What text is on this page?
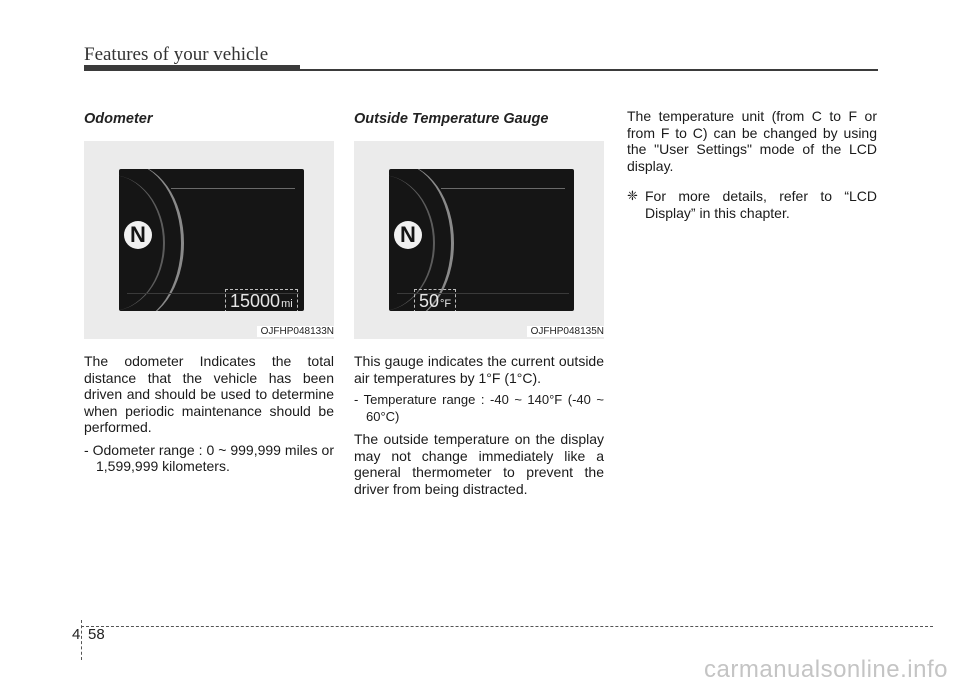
Features of your vehicle
Odometer
N
15000mi
OJFHP048133N

The odometer Indicates the total distance that the vehicle has been driven and should be used to determine when periodic maintenance should be performed.

- Odometer range : 0 ~ 999,999 miles or 1,599,999 kilometers.

Outside Temperature Gauge
N
50°F
OJFHP048135N

This gauge indicates the current outside air temperatures by 1°F (1°C).

- Temperature range : -40 ~ 140°F (-40 ~ 60°C)

The outside temperature on the display may not change immediately like a general thermometer to prevent the driver from being distracted.

The temperature unit (from C to F or from F to C) can be changed by using the "User Settings" mode of the LCD display.

❈ For more details, refer to “LCD Display” in this chapter.

4 58
carmanualsonline.info
